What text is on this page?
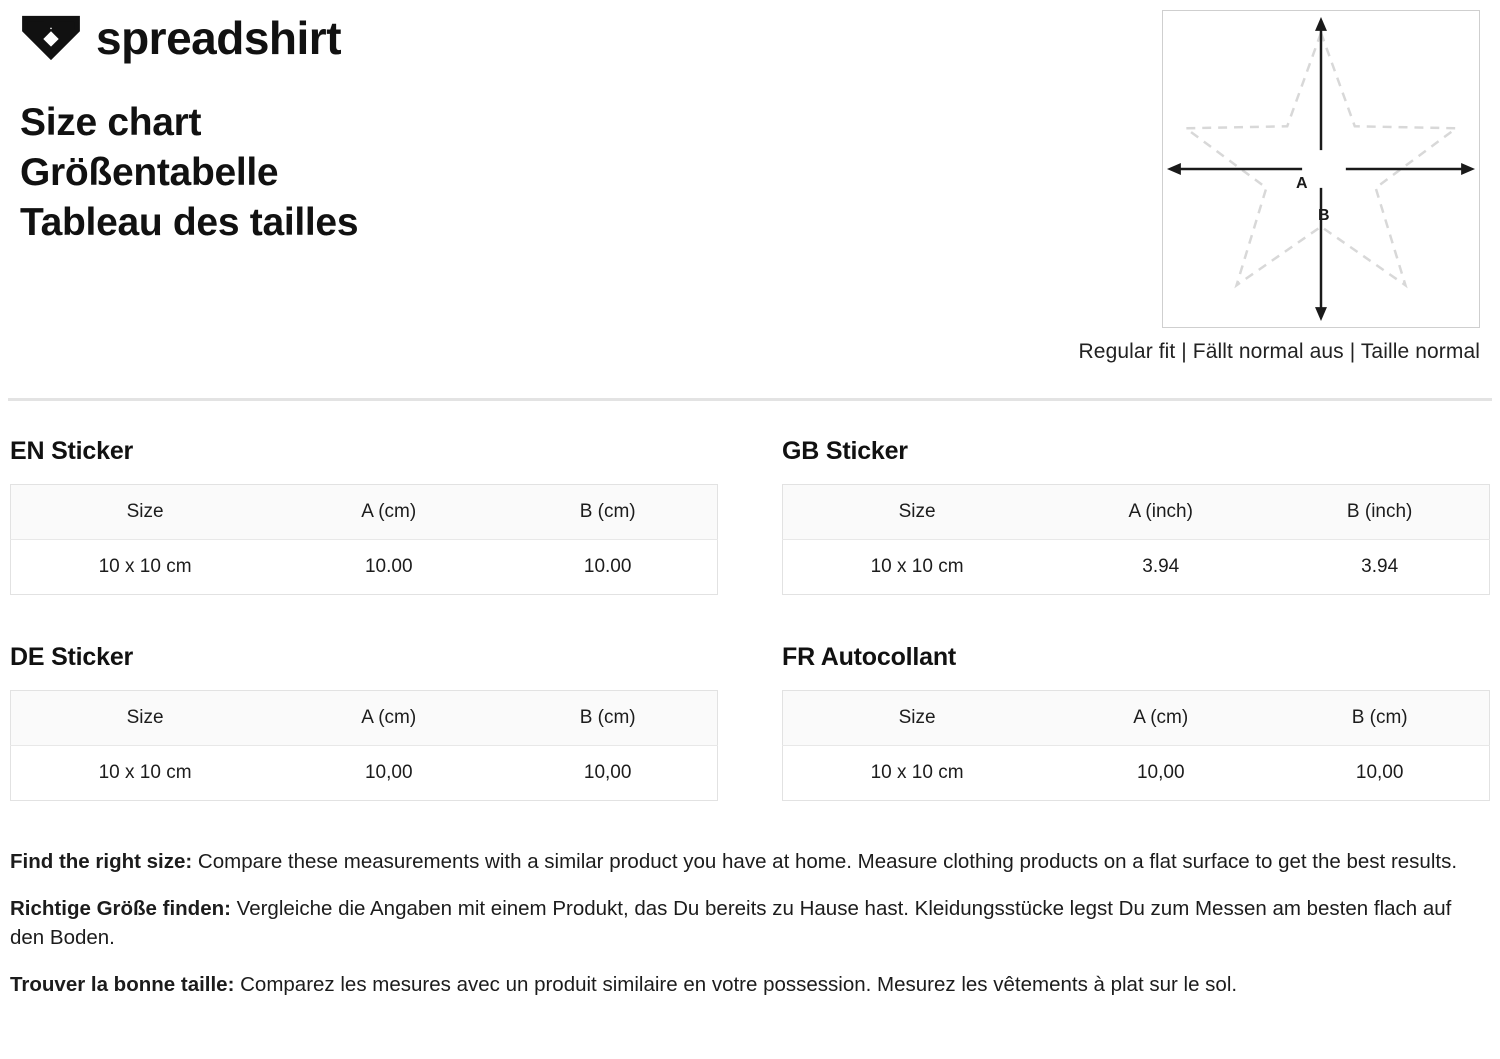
spreadshirt
Size chart
Größentabelle
Tableau des tailles
A
B
Regular fit | Fällt normal aus | Taille normal
EN Sticker
Size	A (cm)	B (cm)
10 x 10 cm	10.00	10.00
GB Sticker
Size	A (inch)	B (inch)
10 x 10 cm	3.94	3.94
DE Sticker
Size	A (cm)	B (cm)
10 x 10 cm	10,00	10,00
FR Autocollant
Size	A (cm)	B (cm)
10 x 10 cm	10,00	10,00
Find the right size: Compare these measurements with a similar product you have at home. Measure clothing products on a flat surface to get the best results.
Richtige Größe finden: Vergleiche die Angaben mit einem Produkt, das Du bereits zu Hause hast. Kleidungsstücke legst Du zum Messen am besten flach auf den Boden.
Trouver la bonne taille: Comparez les mesures avec un produit similaire en votre possession. Mesurez les vêtements à plat sur le sol.
